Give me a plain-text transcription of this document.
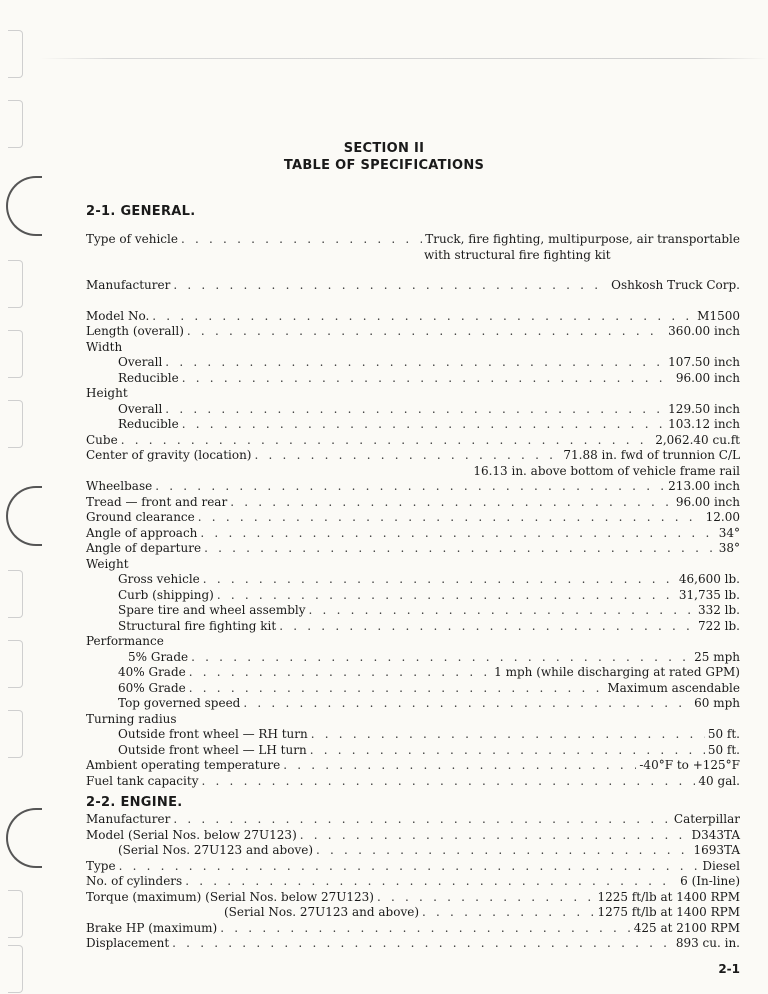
SECTION II
TABLE OF SPECIFICATIONS
2-1. GENERAL.
Type of vehicle . . .	Truck, fire fighting, multipurpose, air transportable
with structural fire fighting kit
Manufacturer . . .	Oshkosh Truck Corp.
Model No. . . .	M1500
Length (overall) . . .	360.00 inch
Width
Overall . . .	107.50 inch
Reducible . . .	96.00 inch
Height
Overall . . .	129.50 inch
Reducible . . .	103.12 inch
Cube . . .	2,062.40 cu.ft
Center of gravity (location) . . .	71.88 in. fwd of trunnion C/L
16.13 in. above bottom of vehicle frame rail
Wheelbase . . .	213.00 inch
Tread — front and rear . . .	96.00 inch
Ground clearance . . .	12.00
Angle of approach . . .	34°
Angle of departure . . .	38°
Weight
Gross vehicle . . .	46,600 lb.
Curb (shipping) . . .	31,735 lb.
Spare tire and wheel assembly . . .	332 lb.
Structural fire fighting kit . . .	722 lb.
Performance
5% Grade . . .	25 mph
40% Grade . . .	1 mph (while discharging at rated GPM)
60% Grade . . .	Maximum ascendable
Top governed speed . . .	60 mph
Turning radius
Outside front wheel — RH turn . . .	50 ft.
Outside front wheel — LH turn . . .	50 ft.
Ambient operating temperature . . .	-40°F to +125°F
Fuel tank capacity . . .	40 gal.
2-2. ENGINE.
Manufacturer . . .	Caterpillar
Model (Serial Nos. below 27U123) . . .	D343TA
(Serial Nos. 27U123 and above) . . .	1693TA
Type . . .	Diesel
No. of cylinders . . .	6 (In-line)
Torque (maximum) (Serial Nos. below 27U123) . . .	1225 ft/lb at 1400 RPM
(Serial Nos. 27U123 and above) . . .	1275 ft/lb at 1400 RPM
Brake HP (maximum) . . .	425 at 2100 RPM
Displacement . . .	893 cu. in.
2-1
